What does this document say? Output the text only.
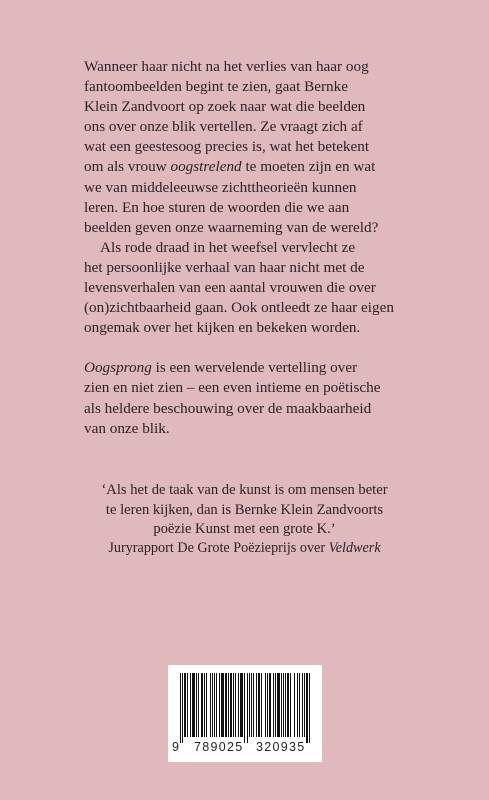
Wanneer haar nicht na het verlies van haar oog
fantoombeelden begint te zien, gaat Bernke
Klein Zandvoort op zoek naar wat die beelden
ons over onze blik vertellen. Ze vraagt zich af
wat een geestesoog precies is, wat het betekent
om als vrouw oogstrelend te moeten zijn en wat
we van middeleeuwse zichttheorieën kunnen
leren. En hoe sturen de woorden die we aan
beelden geven onze waarneming van de wereld?

Als rode draad in het weefsel vervlecht ze
het persoonlijke verhaal van haar nicht met de
levensverhalen van een aantal vrouwen die over
(on)zichtbaarheid gaan. Ook ontleedt ze haar eigen
ongemak over het kijken en bekeken worden.

Oogsprong is een wervelende vertelling over
zien en niet zien – een even intieme en poëtische
als heldere beschouwing over de maakbaarheid
van onze blik.

‘Als het de taak van de kunst is om mensen beter
te leren kijken, dan is Bernke Klein Zandvoorts
poëzie Kunst met een grote K.’
Juryrapport De Grote Poëzieprijs over Veldwerk
9 789025 320935
